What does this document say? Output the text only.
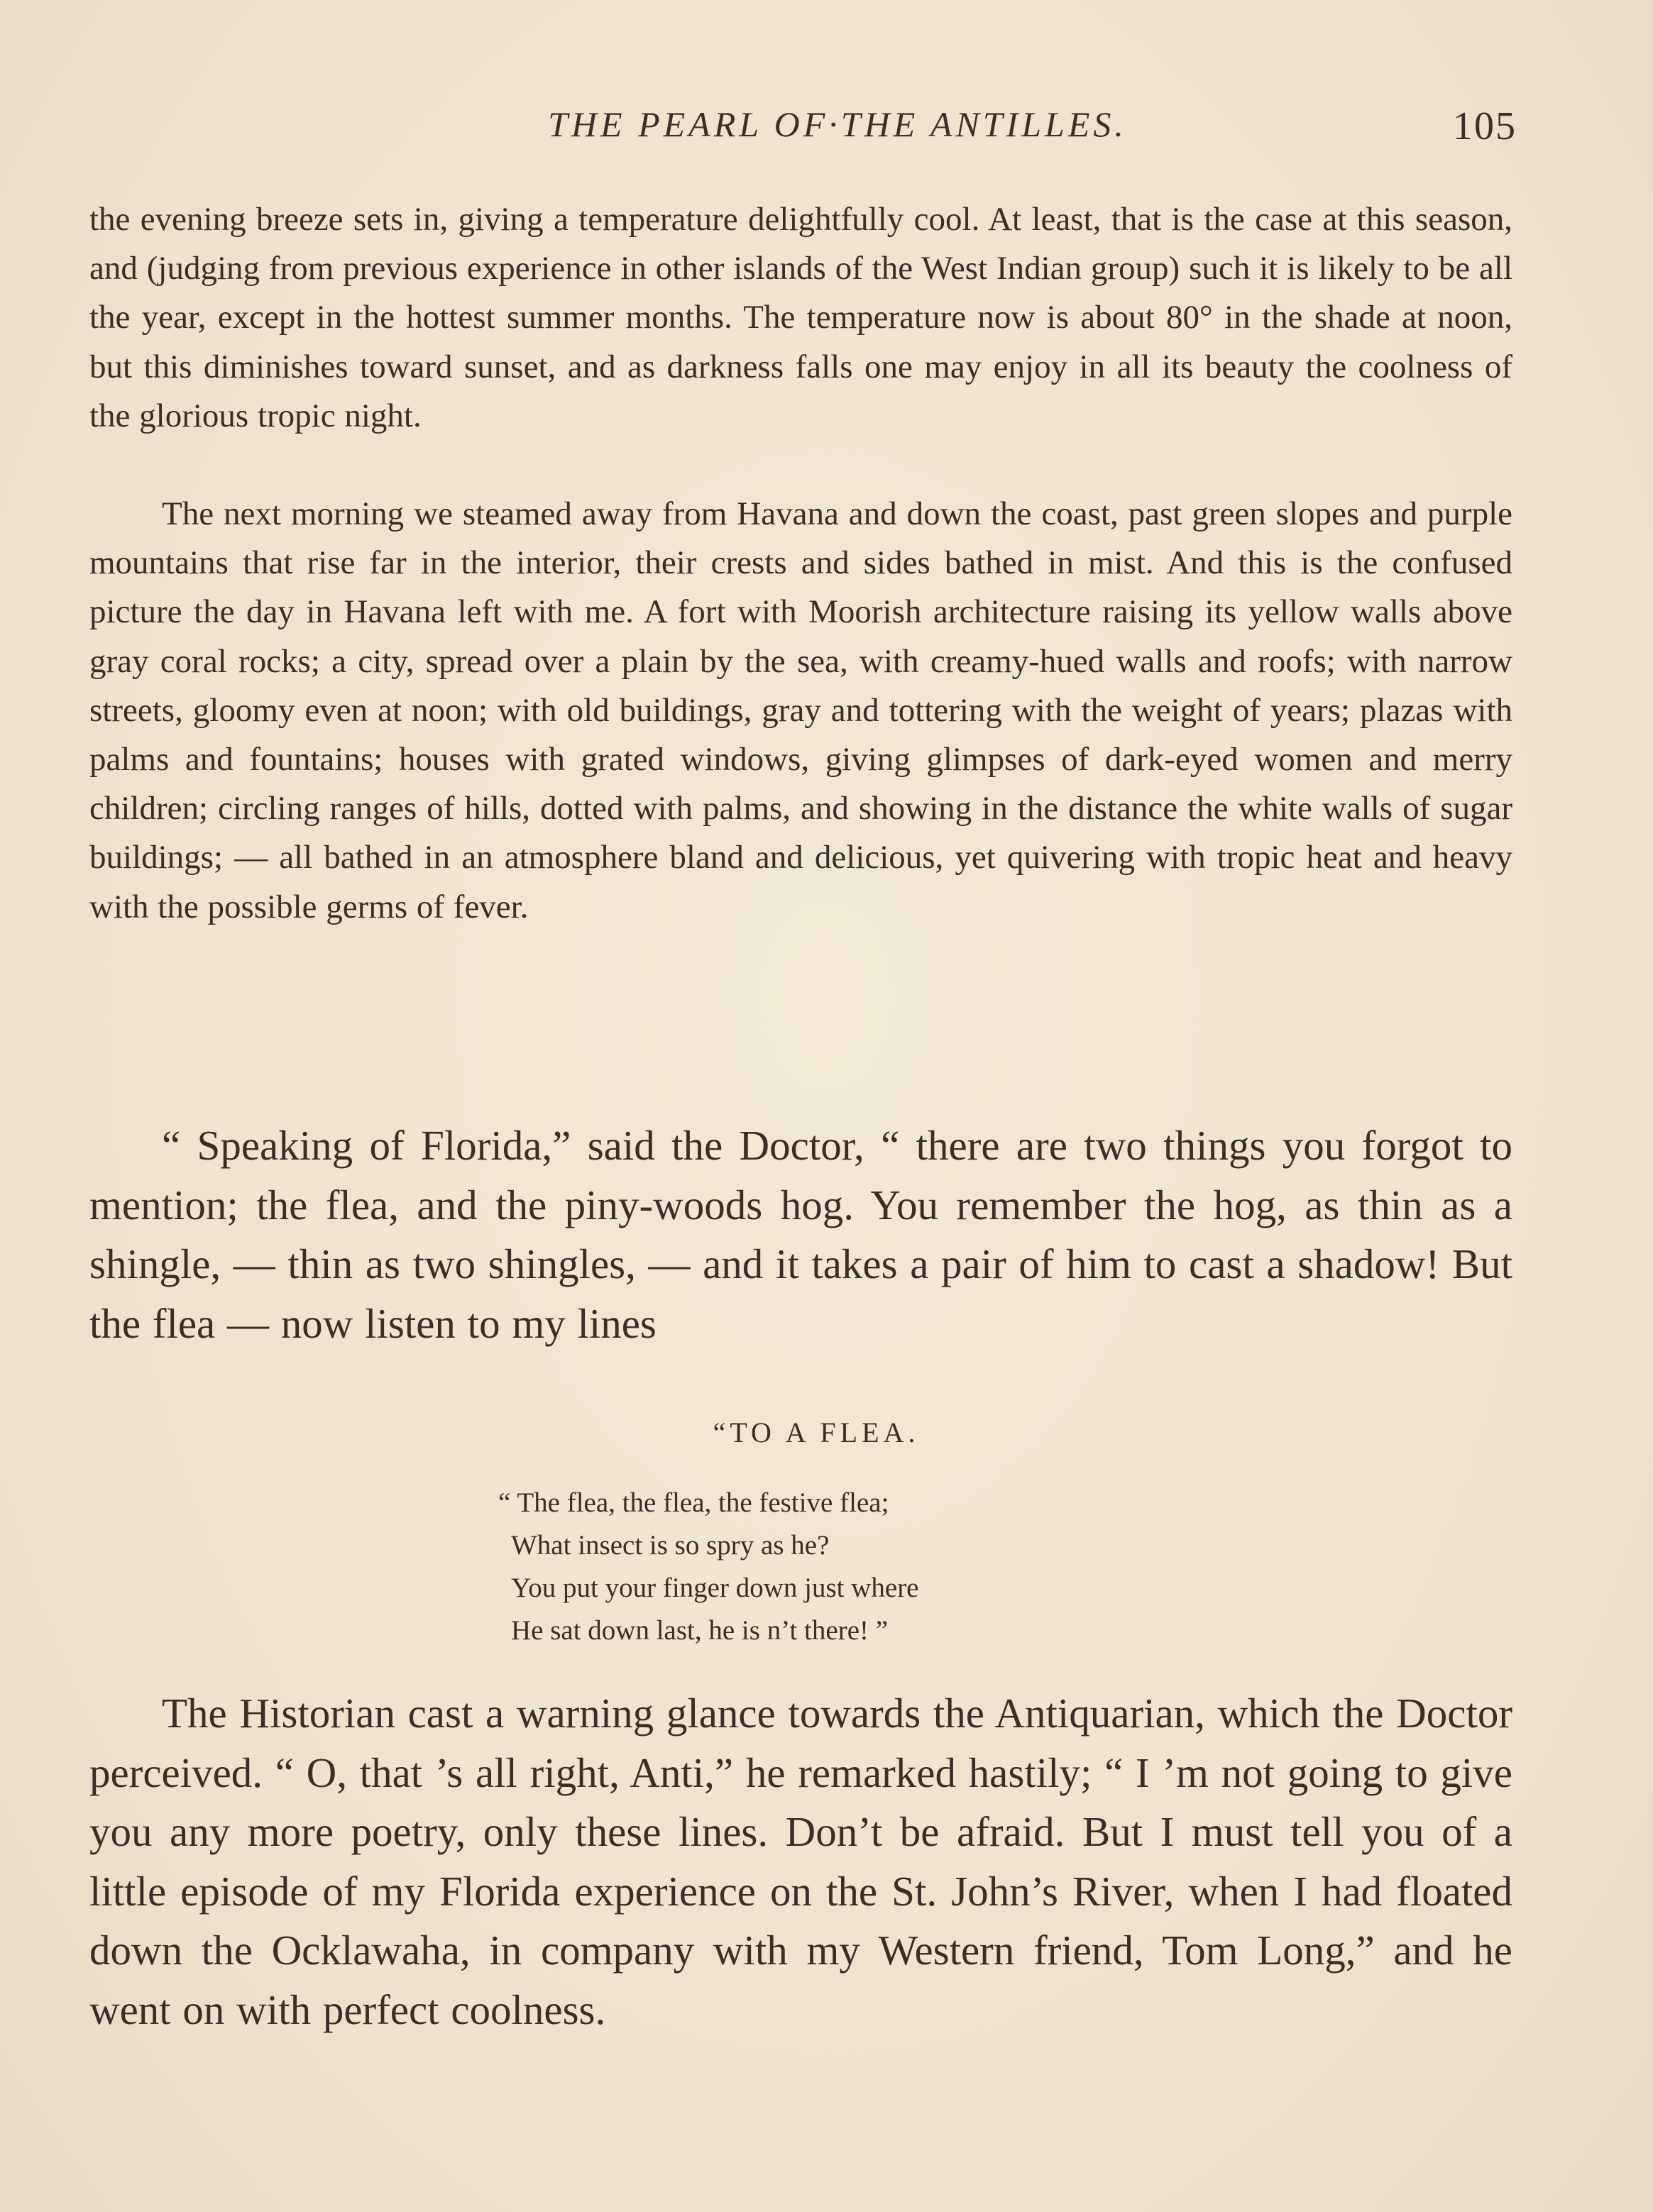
THE PEARL OF·THE ANTILLES.	105
the evening breeze sets in, giving a temperature delightfully cool. At least, that is the case at this season, and (judging from previous experience in other islands of the West Indian group) such it is likely to be all the year, except in the hottest summer months. The temperature now is about 80° in the shade at noon, but this diminishes toward sunset, and as darkness falls one may enjoy in all its beauty the coolness of the glorious tropic night.
The next morning we steamed away from Havana and down the coast, past green slopes and purple mountains that rise far in the interior, their crests and sides bathed in mist. And this is the confused picture the day in Havana left with me. A fort with Moorish architecture raising its yellow walls above gray coral rocks; a city, spread over a plain by the sea, with creamy-hued walls and roofs; with narrow streets, gloomy even at noon; with old buildings, gray and tottering with the weight of years; plazas with palms and fountains; houses with grated windows, giving glimpses of dark-eyed women and merry children; circling ranges of hills, dotted with palms, and showing in the distance the white walls of sugar buildings; — all bathed in an atmosphere bland and delicious, yet quivering with tropic heat and heavy with the possible germs of fever.
“ Speaking of Florida,” said the Doctor, “ there are two things you forgot to mention; the flea, and the piny-woods hog. You remember the hog, as thin as a shingle, — thin as two shingles, — and it takes a pair of him to cast a shadow! But the flea — now listen to my lines
“TO A FLEA.
“ The flea, the flea, the festive flea;
What insect is so spry as he?
You put your finger down just where
He sat down last, he is n’t there! ”
The Historian cast a warning glance towards the Antiquarian, which the Doctor perceived. “ O, that ’s all right, Anti,” he remarked hastily; “ I ’m not going to give you any more poetry, only these lines. Don’t be afraid. But I must tell you of a little episode of my Florida experience on the St. John’s River, when I had floated down the Ocklawaha, in company with my Western friend, Tom Long,” and he went on with perfect coolness.
